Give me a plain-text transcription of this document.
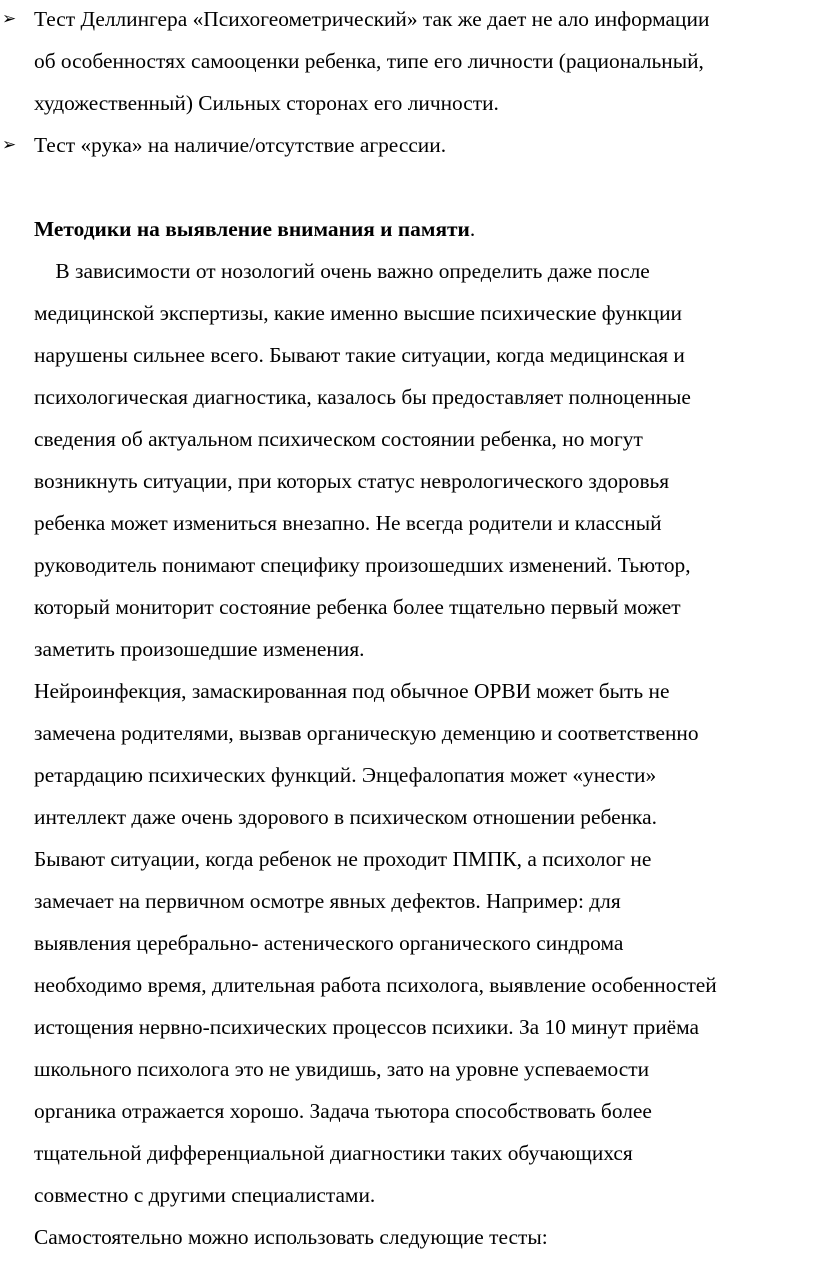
➢ Тест Деллингера «Психогеометрический» так же дает не ало информации
об особенностях самооценки ребенка, типе его личности (рациональный,
художественный) Сильных сторонах его личности.
➢ Тест «рука» на наличие/отсутствие агрессии.
Методики на выявление внимания и памяти.
В зависимости от нозологий очень важно определить даже после
медицинской экспертизы, какие именно высшие психические функции
нарушены сильнее всего. Бывают такие ситуации, когда медицинская и
психологическая диагностика, казалось бы предоставляет полноценные
сведения об актуальном психическом состоянии ребенка, но могут
возникнуть ситуации, при которых статус неврологического здоровья
ребенка может измениться внезапно. Не всегда родители и классный
руководитель понимают специфику произошедших изменений. Тьютор,
который мониторит состояние ребенка более тщательно первый может
заметить произошедшие изменения.
Нейроинфекция, замаскированная под обычное ОРВИ может быть не
замечена родителями, вызвав органическую деменцию и соответственно
ретардацию психических функций. Энцефалопатия может «унести»
интеллект даже очень здорового в психическом отношении ребенка.
Бывают ситуации, когда ребенок не проходит ПМПК, а психолог не
замечает на первичном осмотре явных дефектов. Например: для
выявления церебрально- астенического органического синдрома
необходимо время, длительная работа психолога, выявление особенностей
истощения нервно-психических процессов психики. За 10 минут приёма
школьного психолога это не увидишь, зато на уровне успеваемости
органика отражается хорошо. Задача тьютора способствовать более
тщательной дифференциальной диагностики таких обучающихся
совместно с другими специалистами.
Самостоятельно можно использовать следующие тесты:
